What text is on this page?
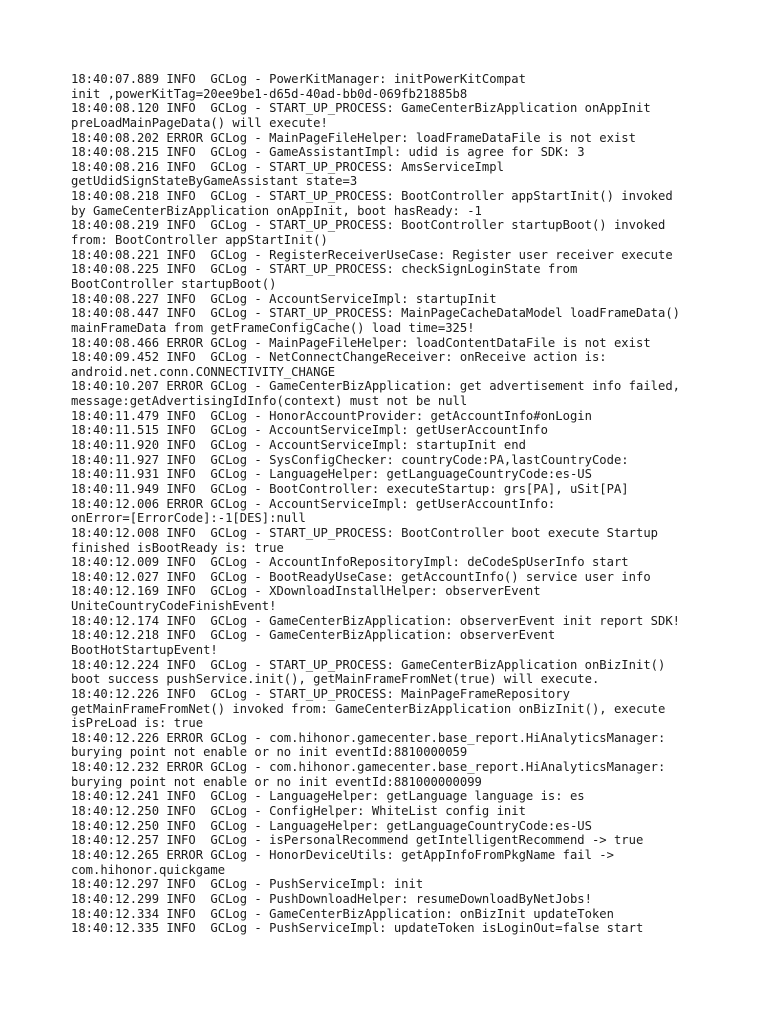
18:40:07.889 INFO  GCLog - PowerKitManager: initPowerKitCompat
init ,powerKitTag=20ee9be1-d65d-40ad-bb0d-069fb21885b8
18:40:08.120 INFO  GCLog - START_UP_PROCESS: GameCenterBizApplication onAppInit
preLoadMainPageData() will execute!
18:40:08.202 ERROR GCLog - MainPageFileHelper: loadFrameDataFile is not exist
18:40:08.215 INFO  GCLog - GameAssistantImpl: udid is agree for SDK: 3
18:40:08.216 INFO  GCLog - START_UP_PROCESS: AmsServiceImpl
getUdidSignStateByGameAssistant state=3
18:40:08.218 INFO  GCLog - START_UP_PROCESS: BootController appStartInit() invoked
by GameCenterBizApplication onAppInit, boot hasReady: -1
18:40:08.219 INFO  GCLog - START_UP_PROCESS: BootController startupBoot() invoked
from: BootController appStartInit()
18:40:08.221 INFO  GCLog - RegisterReceiverUseCase: Register user receiver execute
18:40:08.225 INFO  GCLog - START_UP_PROCESS: checkSignLoginState from
BootController startupBoot()
18:40:08.227 INFO  GCLog - AccountServiceImpl: startupInit
18:40:08.447 INFO  GCLog - START_UP_PROCESS: MainPageCacheDataModel loadFrameData()
mainFrameData from getFrameConfigCache() load time=325!
18:40:08.466 ERROR GCLog - MainPageFileHelper: loadContentDataFile is not exist
18:40:09.452 INFO  GCLog - NetConnectChangeReceiver: onReceive action is:
android.net.conn.CONNECTIVITY_CHANGE
18:40:10.207 ERROR GCLog - GameCenterBizApplication: get advertisement info failed,
message:getAdvertisingIdInfo(context) must not be null
18:40:11.479 INFO  GCLog - HonorAccountProvider: getAccountInfo#onLogin
18:40:11.515 INFO  GCLog - AccountServiceImpl: getUserAccountInfo
18:40:11.920 INFO  GCLog - AccountServiceImpl: startupInit end
18:40:11.927 INFO  GCLog - SysConfigChecker: countryCode:PA,lastCountryCode:
18:40:11.931 INFO  GCLog - LanguageHelper: getLanguageCountryCode:es-US
18:40:11.949 INFO  GCLog - BootController: executeStartup: grs[PA], uSit[PA]
18:40:12.006 ERROR GCLog - AccountServiceImpl: getUserAccountInfo:
onError=[ErrorCode]:-1[DES]:null
18:40:12.008 INFO  GCLog - START_UP_PROCESS: BootController boot execute Startup
finished isBootReady is: true
18:40:12.009 INFO  GCLog - AccountInfoRepositoryImpl: deCodeSpUserInfo start
18:40:12.027 INFO  GCLog - BootReadyUseCase: getAccountInfo() service user info
18:40:12.169 INFO  GCLog - XDownloadInstallHelper: observerEvent
UniteCountryCodeFinishEvent!
18:40:12.174 INFO  GCLog - GameCenterBizApplication: observerEvent init report SDK!
18:40:12.218 INFO  GCLog - GameCenterBizApplication: observerEvent
BootHotStartupEvent!
18:40:12.224 INFO  GCLog - START_UP_PROCESS: GameCenterBizApplication onBizInit()
boot success pushService.init(), getMainFrameFromNet(true) will execute.
18:40:12.226 INFO  GCLog - START_UP_PROCESS: MainPageFrameRepository
getMainFrameFromNet() invoked from: GameCenterBizApplication onBizInit(), execute
isPreLoad is: true
18:40:12.226 ERROR GCLog - com.hihonor.gamecenter.base_report.HiAnalyticsManager:
burying point not enable or no init eventId:8810000059
18:40:12.232 ERROR GCLog - com.hihonor.gamecenter.base_report.HiAnalyticsManager:
burying point not enable or no init eventId:881000000099
18:40:12.241 INFO  GCLog - LanguageHelper: getLanguage language is: es
18:40:12.250 INFO  GCLog - ConfigHelper: WhiteList config init
18:40:12.250 INFO  GCLog - LanguageHelper: getLanguageCountryCode:es-US
18:40:12.257 INFO  GCLog - isPersonalRecommend getIntelligentRecommend -> true
18:40:12.265 ERROR GCLog - HonorDeviceUtils: getAppInfoFromPkgName fail ->
com.hihonor.quickgame
18:40:12.297 INFO  GCLog - PushServiceImpl: init
18:40:12.299 INFO  GCLog - PushDownloadHelper: resumeDownloadByNetJobs!
18:40:12.334 INFO  GCLog - GameCenterBizApplication: onBizInit updateToken
18:40:12.335 INFO  GCLog - PushServiceImpl: updateToken isLoginOut=false start
